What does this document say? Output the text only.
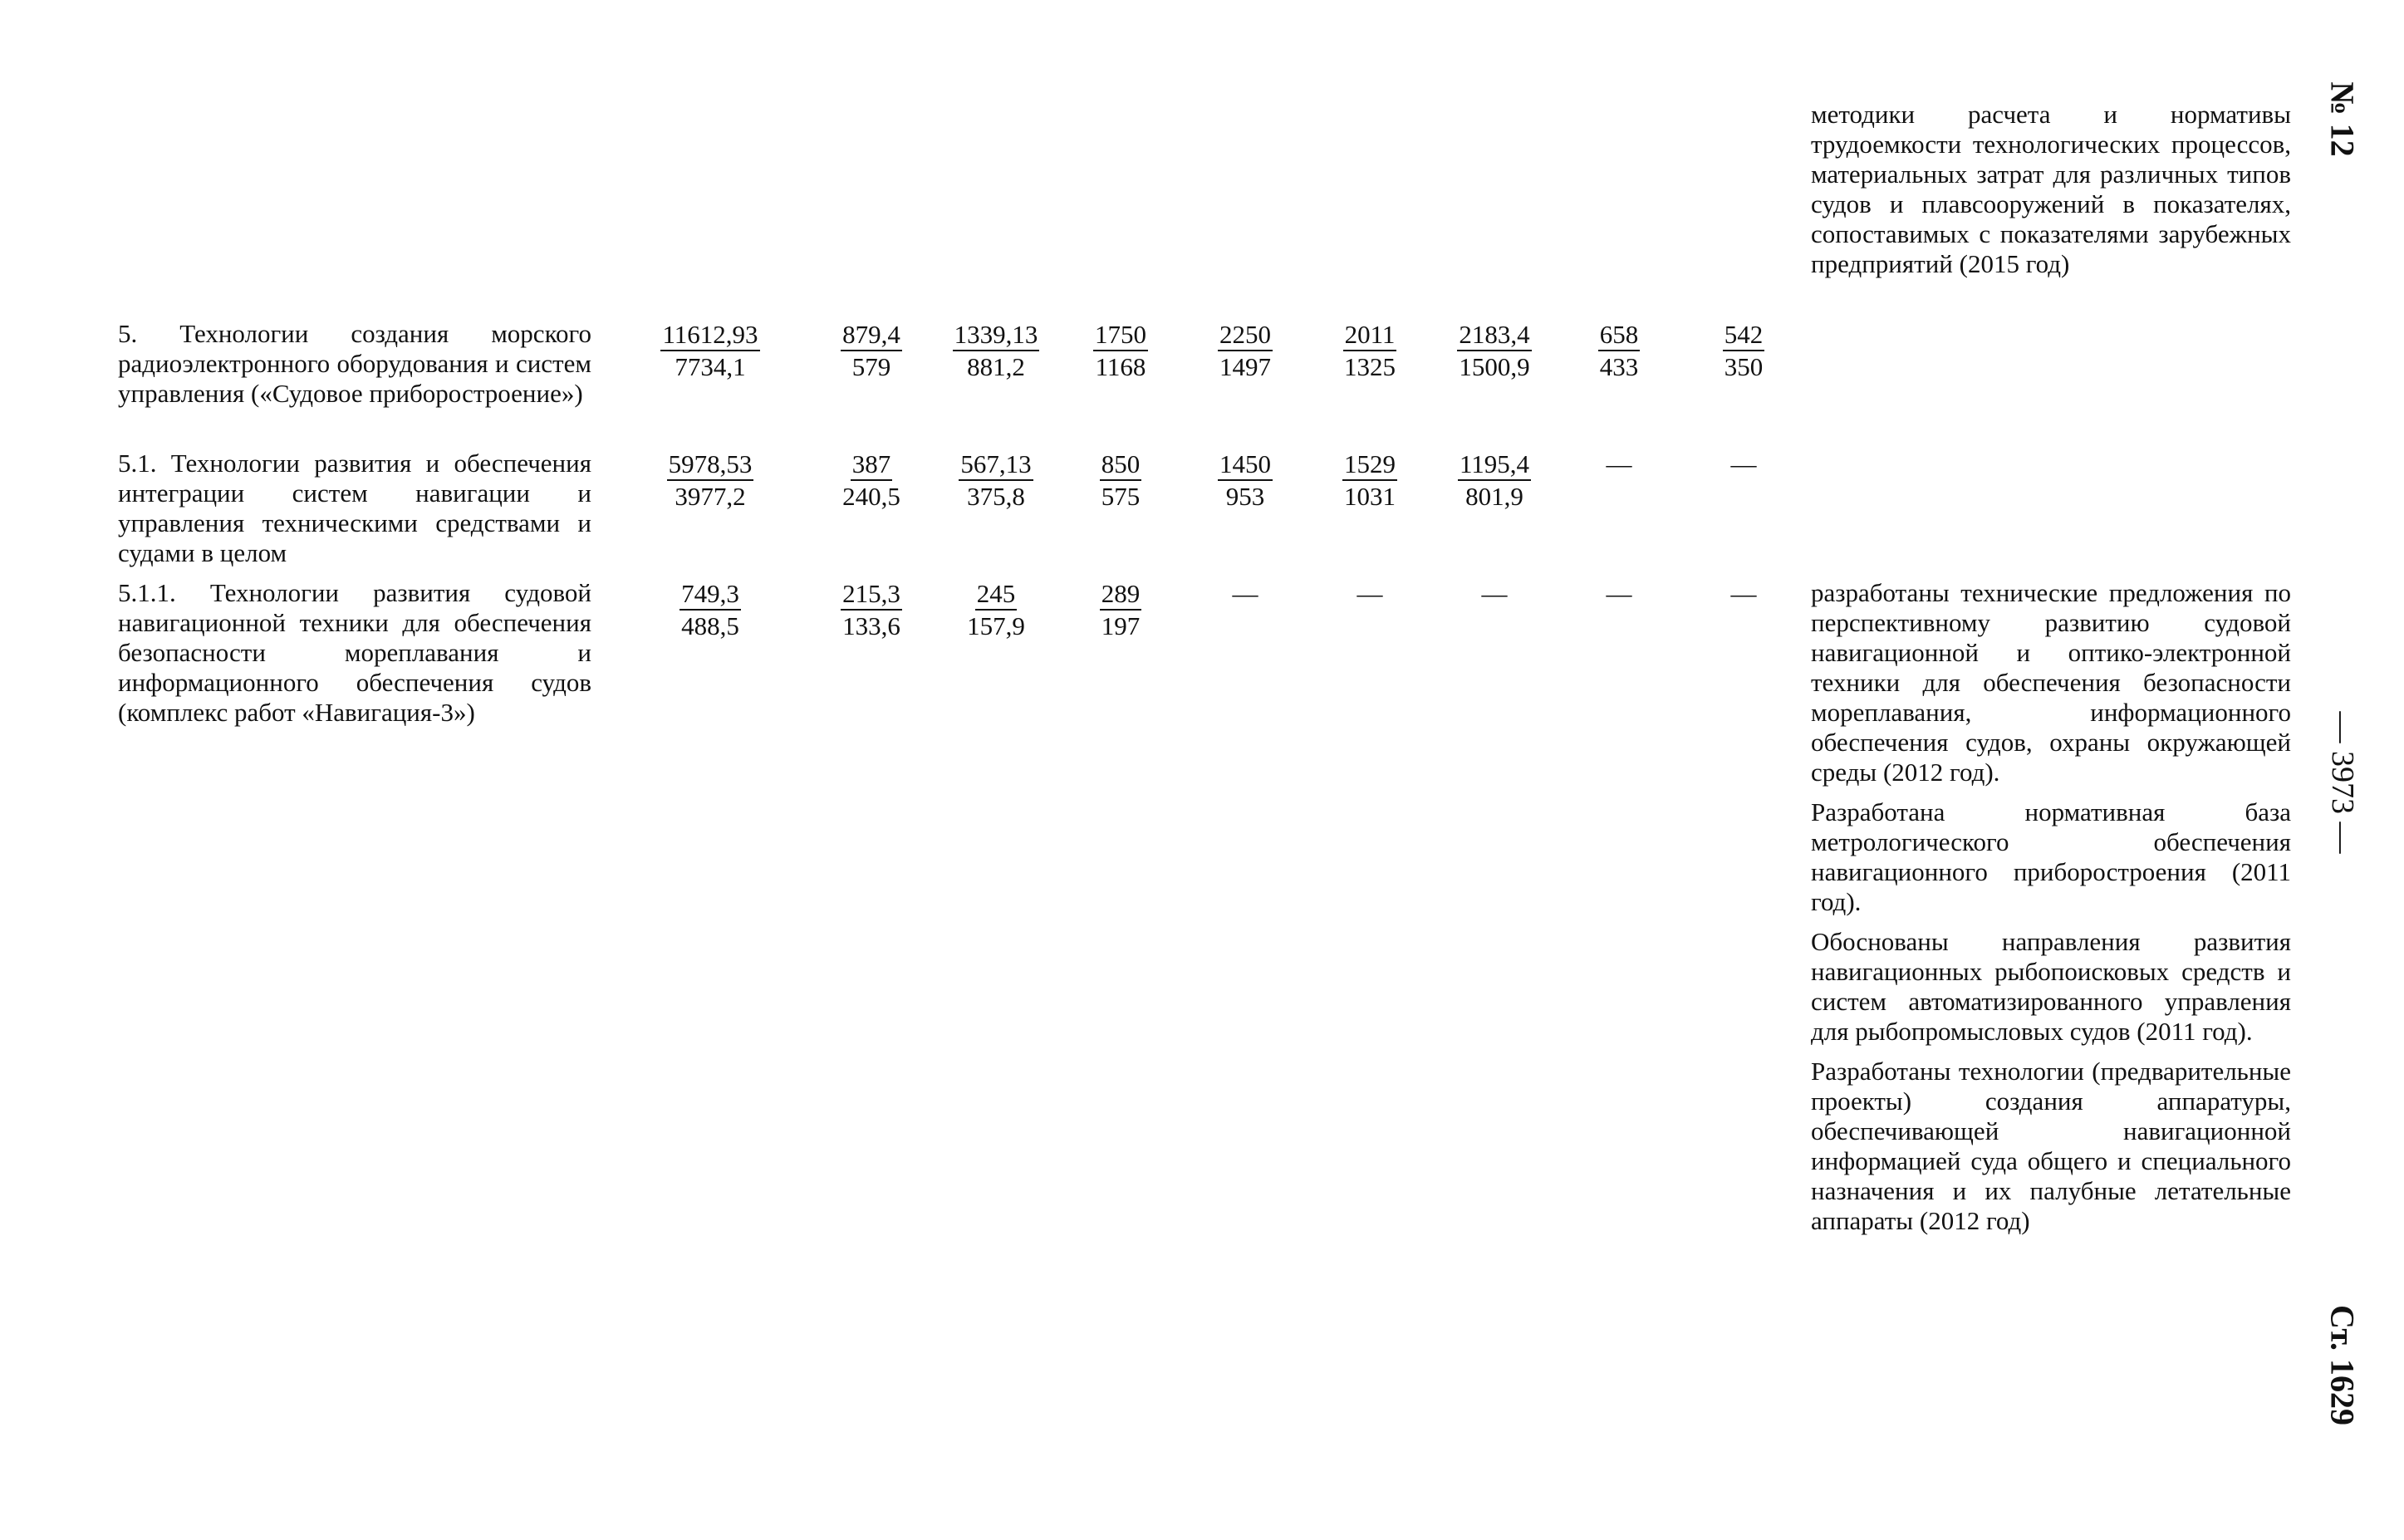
методики расчета и нормативы трудоемкости технологических процессов, материальных затрат для различных типов судов и плавсооружений в показателях, сопоставимых с показателями зарубежных предприятий (2015 год)

5. Технологии создания морского радиоэлектронного оборудования и систем управления («Судовое приборостроение»)
$\frac{11612,93}{7734,1} \frac{879,4}{579} \frac{1339,13}{881,2} \frac{1750}{1168} \frac{2250}{1497} \frac{2011}{1325} \frac{2183,4}{1500,9} \frac{658}{433} \frac{542}{350}$
5.1. Технологии развития и обеспечения интеграции систем навигации и управления техническими средствами и судами в целом
$\frac{5978,53}{3977,2} \frac{387}{240,5} \frac{567,13}{375,8} \frac{850}{575} \frac{1450}{953} \frac{1529}{1031} \frac{1195,4}{801,9}$	—	—
5.1.1. Технологии развития судовой навигационной техники для обеспечения безопасности мореплавания и информационного обеспечения судов (комплекс работ «Навигация-3»)
$\frac{749,3}{488,5} \frac{215,3}{133,6} \frac{245}{157,9} \frac{289}{197}$	—	—	—	—	—	разработаны технические предложения по перспективному развитию судовой навигационной и оптико-электронной техники для обеспечения безопасности мореплавания, информационного обеспечения судов, охраны окружающей среды (2012 год).

Разработана нормативная база метрологического обеспечения навигационного приборостроения (2011 год).

Обоснованы направления развития навигационных рыбопоисковых средств и систем автоматизированного управления для рыбопромысловых судов (2011 год).

Разработаны технологии (предварительные проекты) создания аппаратуры, обеспечивающей навигационной информацией суда общего и специального назначения и их палубные летательные аппараты (2012 год)

№ 12
— 3973 —
Ст. 1629
